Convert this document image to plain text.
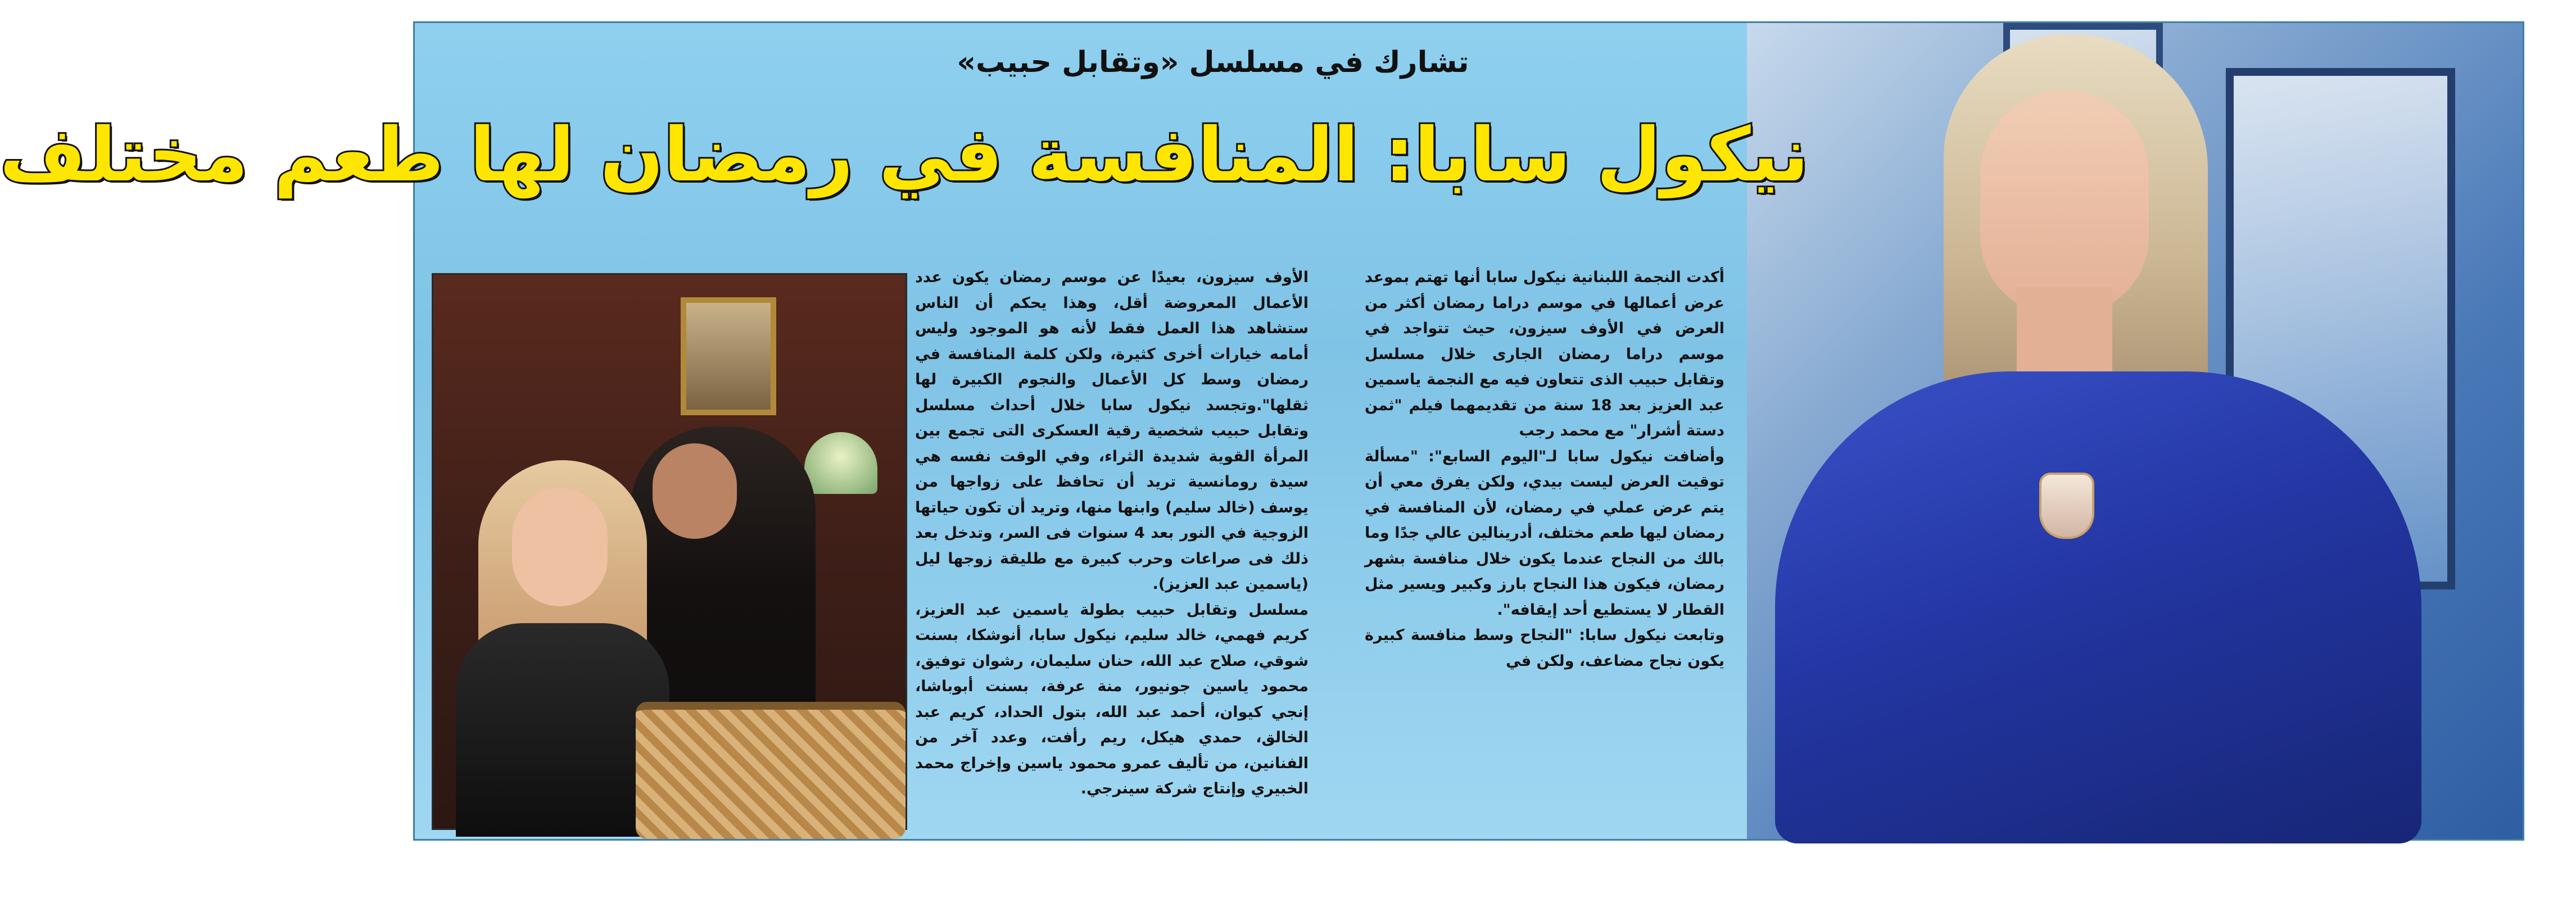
تشارك في مسلسل «وتقابل حبيب»
نيكول سابا: المنافسة في رمضان لها طعم مختلف

أكدت النجمة اللبنانية نيكول سابا أنها تهتم بموعد عرض أعمالها في موسم دراما رمضان أكثر من العرض في الأوف سيزون، حيث تتواجد في موسم دراما رمضان الجارى خلال مسلسل وتقابل حبيب الذى تتعاون فيه مع النجمة ياسمين عبد العزيز بعد 18 سنة من تقديمهما فيلم "ثمن دستة أشرار" مع محمد رجب

وأضافت نيكول سابا لـ"اليوم السابع": "مسألة توقيت العرض ليست بيدي، ولكن يفرق معي أن يتم عرض عملي في رمضان، لأن المنافسة في رمضان ليها طعم مختلف، أدرينالين عالي جدًا وما بالك من النجاح عندما يكون خلال منافسة بشهر رمضان، فيكون هذا النجاح بارز وكبير ويسير مثل القطار لا يستطيع أحد إيقافه".

وتابعت نيكول سابا: "النجاح وسط منافسة كبيرة يكون نجاح مضاعف، ولكن في

الأوف سيزون، بعيدًا عن موسم رمضان يكون عدد الأعمال المعروضة أقل، وهذا يحكم أن الناس ستشاهد هذا العمل فقط لأنه هو الموجود وليس أمامه خيارات أخرى كثيرة، ولكن كلمة المنافسة في رمضان وسط كل الأعمال والنجوم الكبيرة لها ثقلها".وتجسد نيكول سابا خلال أحداث مسلسل وتقابل حبيب شخصية رقية العسكرى التى تجمع بين المرأة القوية شديدة الثراء، وفي الوقت نفسه هي سيدة رومانسية تريد أن تحافظ على زواجها من يوسف (خالد سليم) وابنها منها، وتريد أن تكون حياتها الزوجية في النور بعد 4 سنوات فى السر، وتدخل بعد ذلك فى صراعات وحرب كبيرة مع طليقة زوجها ليل (ياسمين عبد العزيز).

مسلسل وتقابل حبيب بطولة ياسمين عبد العزيز، كريم فهمي، خالد سليم، نيكول سابا، أنوشكا، بسنت شوقي، صلاح عبد الله، حنان سليمان، رشوان توفيق، محمود ياسين جونيور، منة عرفة، بسنت أبوباشا، إنجي كيوان، أحمد عبد الله، بتول الحداد، كريم عبد الخالق، حمدي هيكل، ريم رأفت، وعدد آخر من الفنانين، من تأليف عمرو محمود ياسين وإخراج محمد الخبيري وإنتاج شركة سينرجي.
